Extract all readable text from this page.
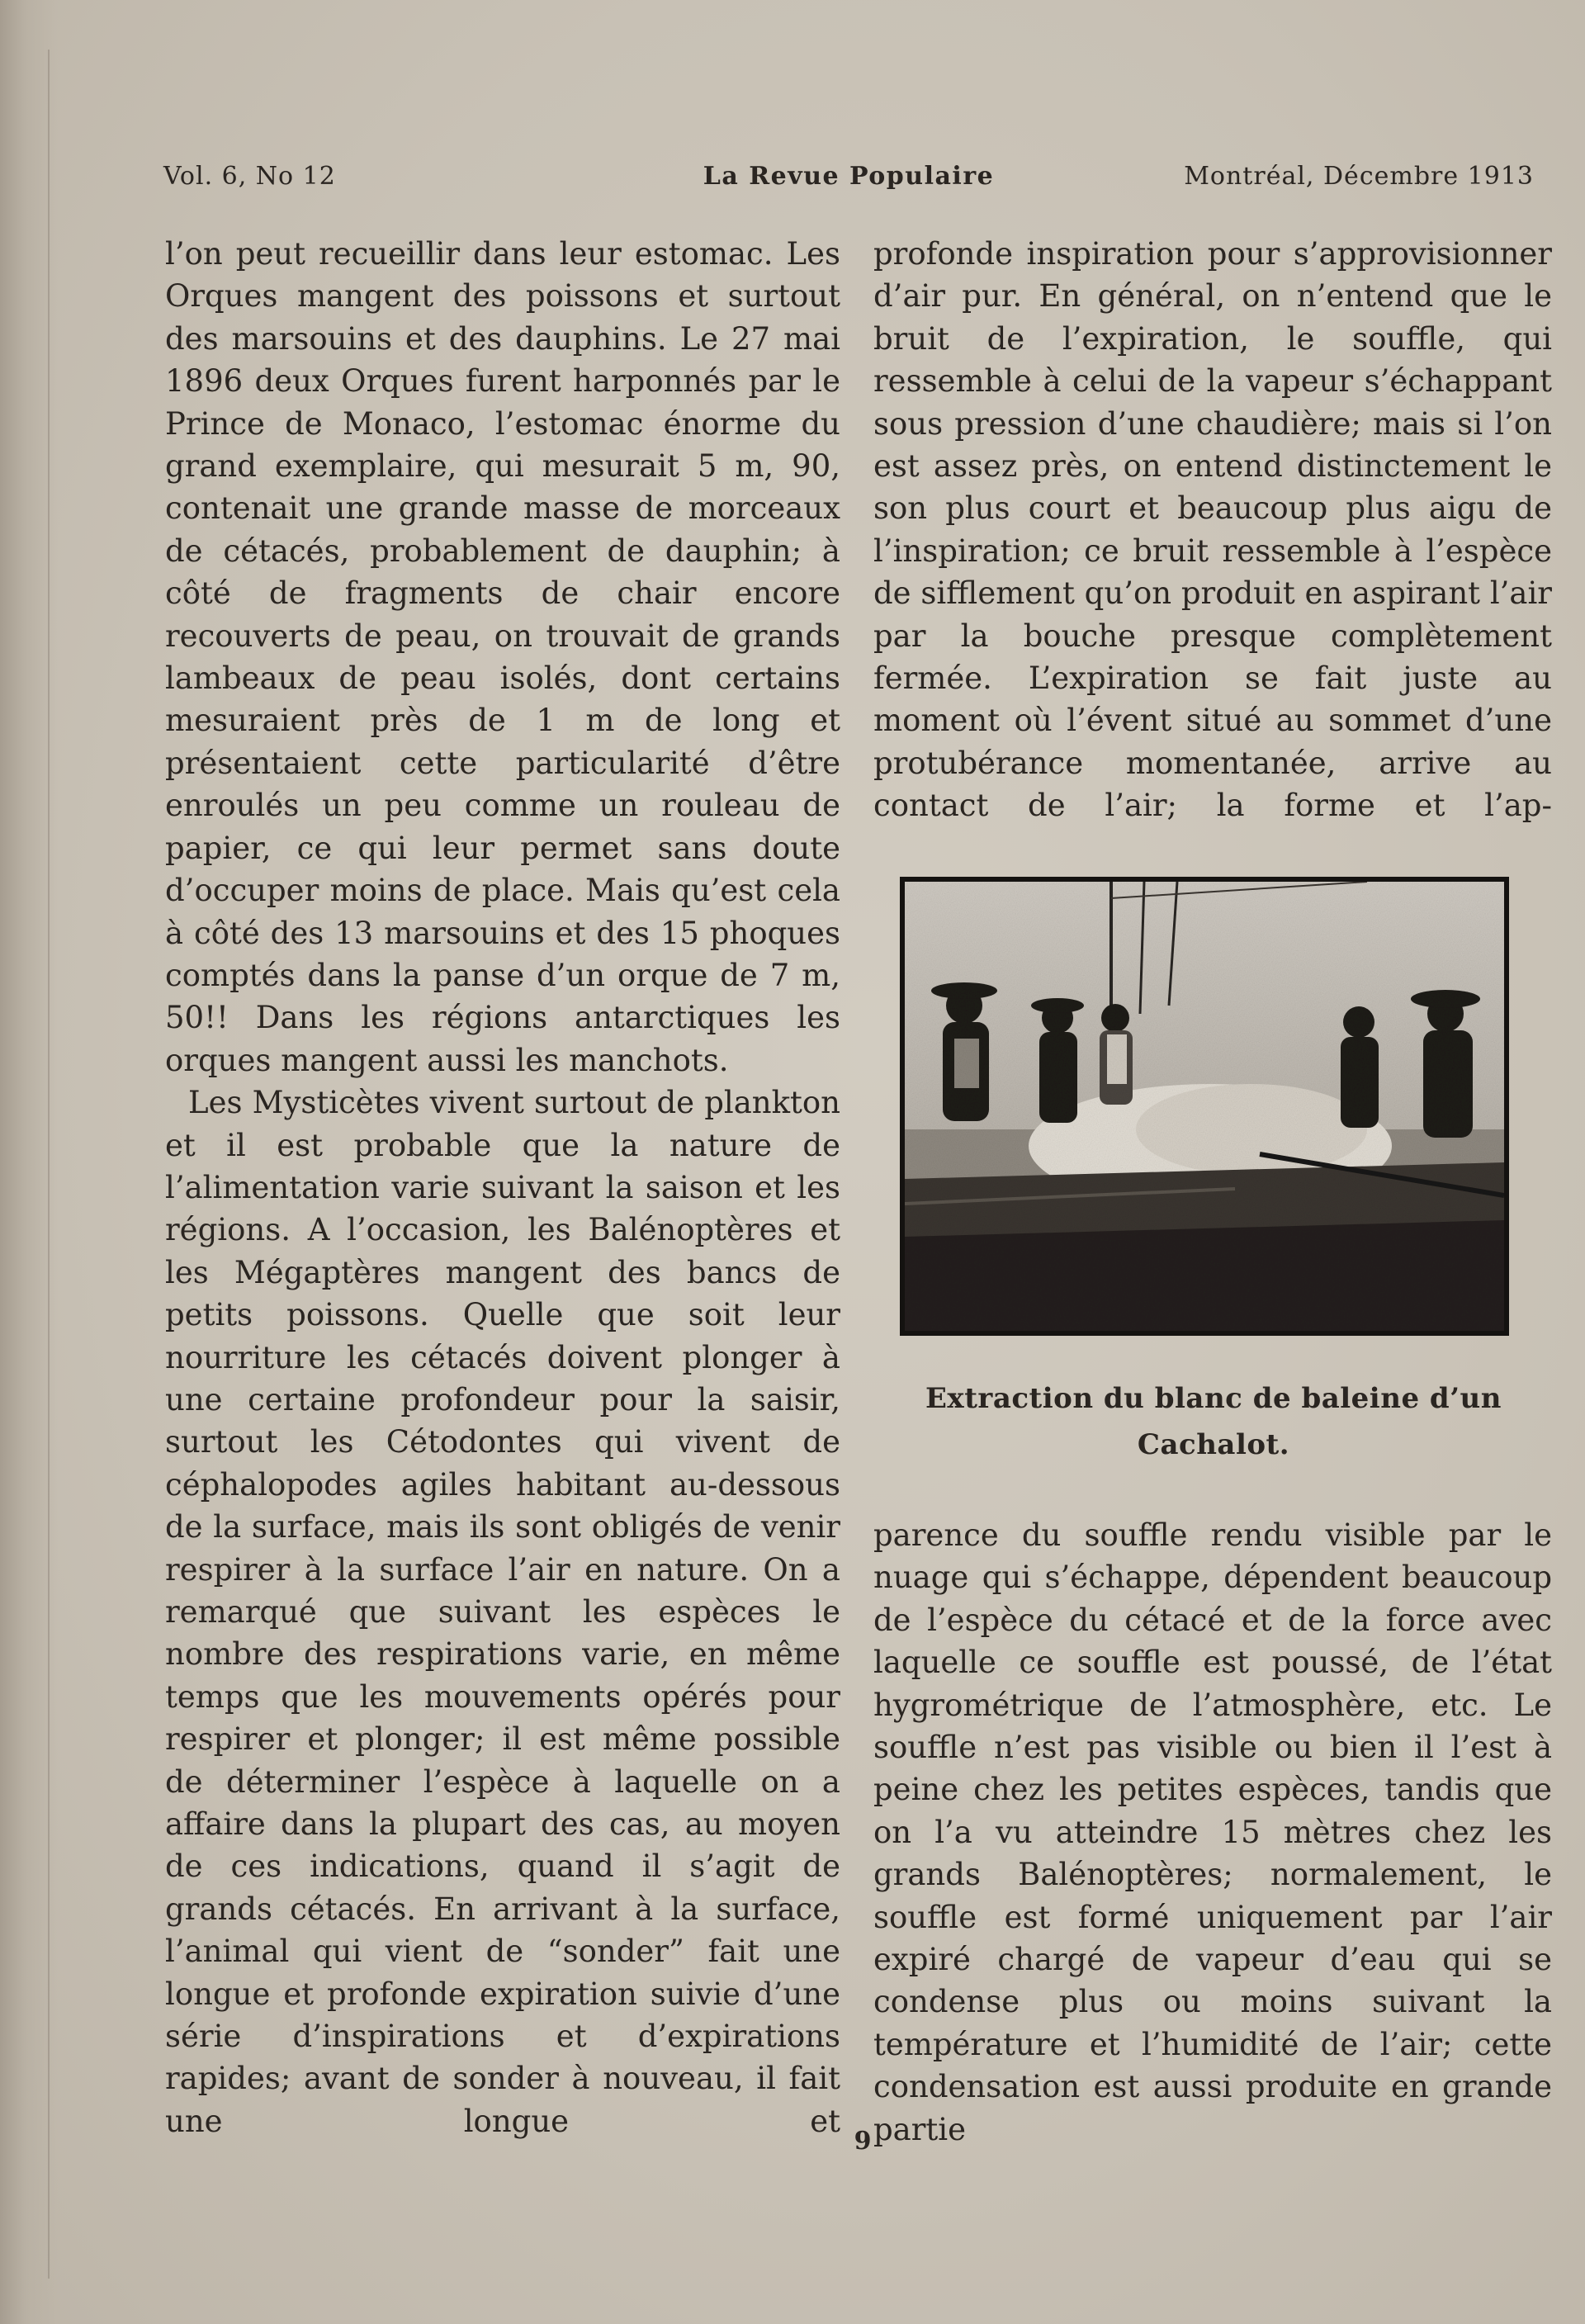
Vol. 6, No 12	La Revue Populaire	Montréal, Décembre 1913

l’on peut recueillir dans leur estomac. Les Orques mangent des poissons et surtout des marsouins et des dauphins. Le 27 mai 1896 deux Orques furent harponnés par le Prince de Monaco, l’estomac énorme du grand exemplaire, qui mesurait 5 m, 90, contenait une grande masse de morceaux de cétacés, probablement de dauphin; à côté de fragments de chair encore recouverts de peau, on trouvait de grands lambeaux de peau isolés, dont certains mesuraient près de 1 m de long et présentaient cette particularité d’être enroulés un peu comme un rouleau de papier, ce qui leur permet sans doute d’occuper moins de place. Mais qu’est cela à côté des 13 marsouins et des 15 phoques comptés dans la panse d’un orque de 7 m, 50!! Dans les régions antarctiques les orques mangent aussi les manchots.

Les Mysticètes vivent surtout de plankton et il est probable que la nature de l’alimentation varie suivant la saison et les régions. A l’occasion, les Balénoptères et les Mégaptères mangent des bancs de petits poissons. Quelle que soit leur nourriture les cétacés doivent plonger à une certaine profondeur pour la saisir, surtout les Cétodontes qui vivent de céphalopodes agiles habitant au-dessous de la surface, mais ils sont obligés de venir respirer à la surface l’air en nature. On a remarqué que suivant les espèces le nombre des respirations varie, en même temps que les mouvements opérés pour respirer et plonger; il est même possible de déterminer l’espèce à laquelle on a affaire dans la plupart des cas, au moyen de ces indications, quand il s’agit de grands cétacés. En arrivant à la surface, l’animal qui vient de “sonder” fait une longue et profonde expiration suivie d’une série d’inspirations et d’expirations rapides; avant de sonder à nouveau, il fait une longue et

profonde inspiration pour s’approvisionner d’air pur. En général, on n’entend que le bruit de l’expiration, le souffle, qui ressemble à celui de la vapeur s’échappant sous pression d’une chaudière; mais si l’on est assez près, on entend distinctement le son plus court et beaucoup plus aigu de l’inspiration; ce bruit ressemble à l’espèce de sifflement qu’on produit en aspirant l’air par la bouche presque complètement fermée. L’expiration se fait juste au moment où l’évent situé au sommet d’une protubérance momentanée, arrive au contact de l’air; la forme et l’ap-

Extraction du blanc de baleine d’un Cachalot.

parence du souffle rendu visible par le nuage qui s’échappe, dépendent beaucoup de l’espèce du cétacé et de la force avec laquelle ce souffle est poussé, de l’état hygrométrique de l’atmosphère, etc. Le souffle n’est pas visible ou bien il l’est à peine chez les petites espèces, tandis que on l’a vu atteindre 15 mètres chez les grands Balénoptères; normalement, le souffle est formé uniquement par l’air expiré chargé de vapeur d’eau qui se condense plus ou moins suivant la température et l’humidité de l’air; cette condensation est aussi produite en grande partie

9
